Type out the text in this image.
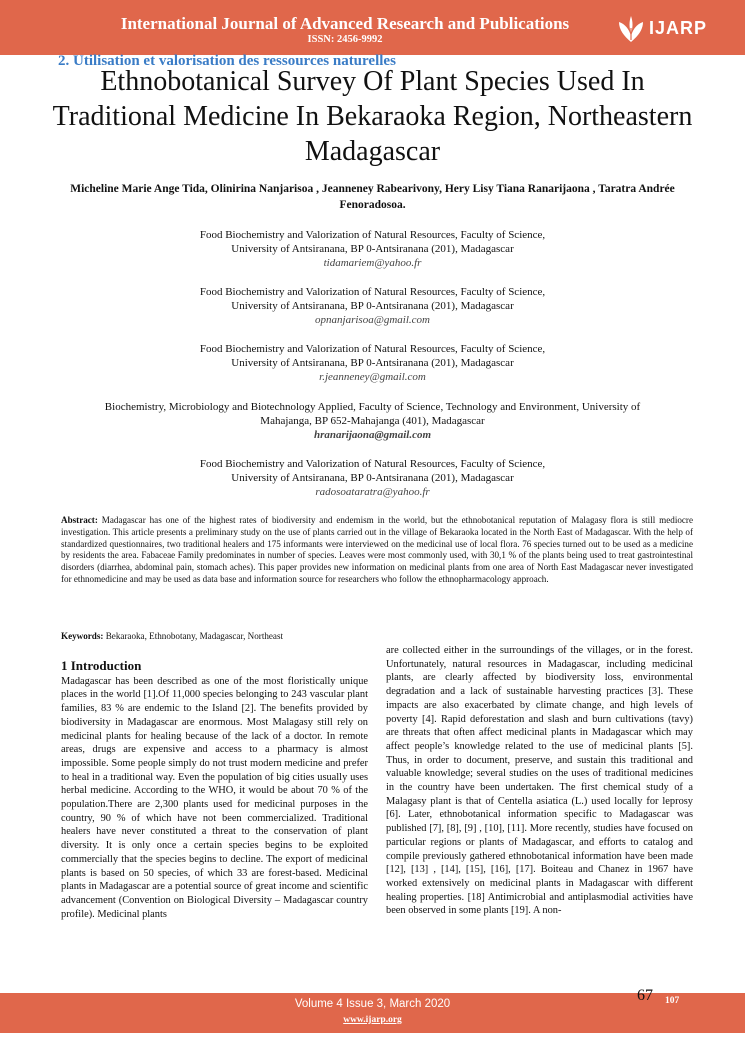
International Journal of Advanced Research and Publications
ISSN: 2456-9992
IJARP
2. Utilisation et valorisation des ressources naturelles
Ethnobotanical Survey Of Plant Species Used In Traditional Medicine In Bekaraoka Region, Northeastern Madagascar
Micheline Marie Ange Tida, Olinirina Nanjarisoa , Jeanneney Rabearivony, Hery Lisy Tiana Ranarijaona , Taratra Andrée Fenoradosoa.
Food Biochemistry and Valorization of Natural Resources, Faculty of Science,
University of Antsiranana, BP 0-Antsiranana (201), Madagascar
tidamariem@yahoo.fr
Food Biochemistry and Valorization of Natural Resources, Faculty of Science,
University of Antsiranana, BP 0-Antsiranana (201), Madagascar
opnanjarisoa@gmail.com
Food Biochemistry and Valorization of Natural Resources, Faculty of Science,
University of Antsiranana, BP 0-Antsiranana (201), Madagascar
r.jeanneney@gmail.com
Biochemistry, Microbiology and Biotechnology Applied, Faculty of Science, Technology and Environment, University of
Mahajanga, BP 652-Mahajanga (401), Madagascar
hranarijaona@gmail.com
Food Biochemistry and Valorization of Natural Resources, Faculty of Science,
University of Antsiranana, BP 0-Antsiranana (201), Madagascar
radosoataratra@yahoo.fr
Abstract: Madagascar has one of the highest rates of biodiversity and endemism in the world, but the ethnobotanical reputation of Malagasy flora is still mediocre investigation. This article presents a preliminary study on the use of plants carried out in the village of Bekaraoka located in the North East of Madagascar. With the help of standardized questionnaires, two traditional healers and 175 informants were interviewed on the medicinal use of local flora. 76 species turned out to be used as a medicine by residents the area. Fabaceae Family predominates in number of species. Leaves were most commonly used, with 30,1 % of the plants being used to treat gastrointestinal disorders (diarrhea, abdominal pain, stomach aches). This paper provides new information on medicinal plants from one area of North East Madagascar never investigated for ethnomedicine and may be used as data base and information source for researchers who follow the ethnopharmacology approach.
Keywords: Bekaraoka, Ethnobotany, Madagascar, Northeast
1 Introduction
Madagascar has been described as one of the most floristically unique places in the world [1].Of 11,000 species belonging to 243 vascular plant families, 83 % are endemic to the Island [2]. The benefits provided by biodiversity in Madagascar are enormous. Most Malagasy still rely on medicinal plants for healing because of the lack of a doctor. In remote areas, drugs are expensive and access to a pharmacy is almost impossible. Some people simply do not trust modern medicine and prefer to heal in a traditional way. Even the population of big cities usually uses herbal medicine. According to the WHO, it would be about 70 % of the population.There are 2,300 plants used for medicinal purposes in the country, 90 % of which have not been commercialized. Traditional healers have never constituted a threat to the conservation of plant diversity. It is only once a certain species begins to be exploited commercially that the species begins to decline. The export of medicinal plants is based on 50 species, of which 33 are forest-based. Medicinal plants in Madagascar are a potential source of great income and scientific advancement (Convention on Biological Diversity – Madagascar country profile). Medicinal plants
are collected either in the surroundings of the villages, or in the forest. Unfortunately, natural resources in Madagascar, including medicinal plants, are clearly affected by biodiversity loss, environmental degradation and a lack of sustainable harvesting practices [3]. These impacts are also exacerbated by climate change, and high levels of poverty [4]. Rapid deforestation and slash and burn cultivations (tavy) are threats that often affect medicinal plants in Madagascar which may affect people’s knowledge related to the use of medicinal plants [5]. Thus, in order to document, preserve, and sustain this traditional and valuable knowledge; several studies on the uses of traditional medicines in the country have been undertaken. The first chemical study of a Malagasy plant is that of Centella asiatica (L.) used locally for leprosy [6]. Later, ethnobotanical information specific to Madagascar was published [7], [8], [9] , [10], [11]. More recently, studies have focused on particular regions or plants of Madagascar, and efforts to catalog and compile previously gathered ethnobotanical information have been made [12], [13] , [14], [15], [16], [17]. Boiteau and Chanez in 1967 have worked extensively on medicinal plants in Madagascar with different healing properties. [18] Antimicrobial and antiplasmodial activities have been observed in some plants [19]. A non-
Volume 4 Issue 3, March 2020
www.ijarp.org
67 107
